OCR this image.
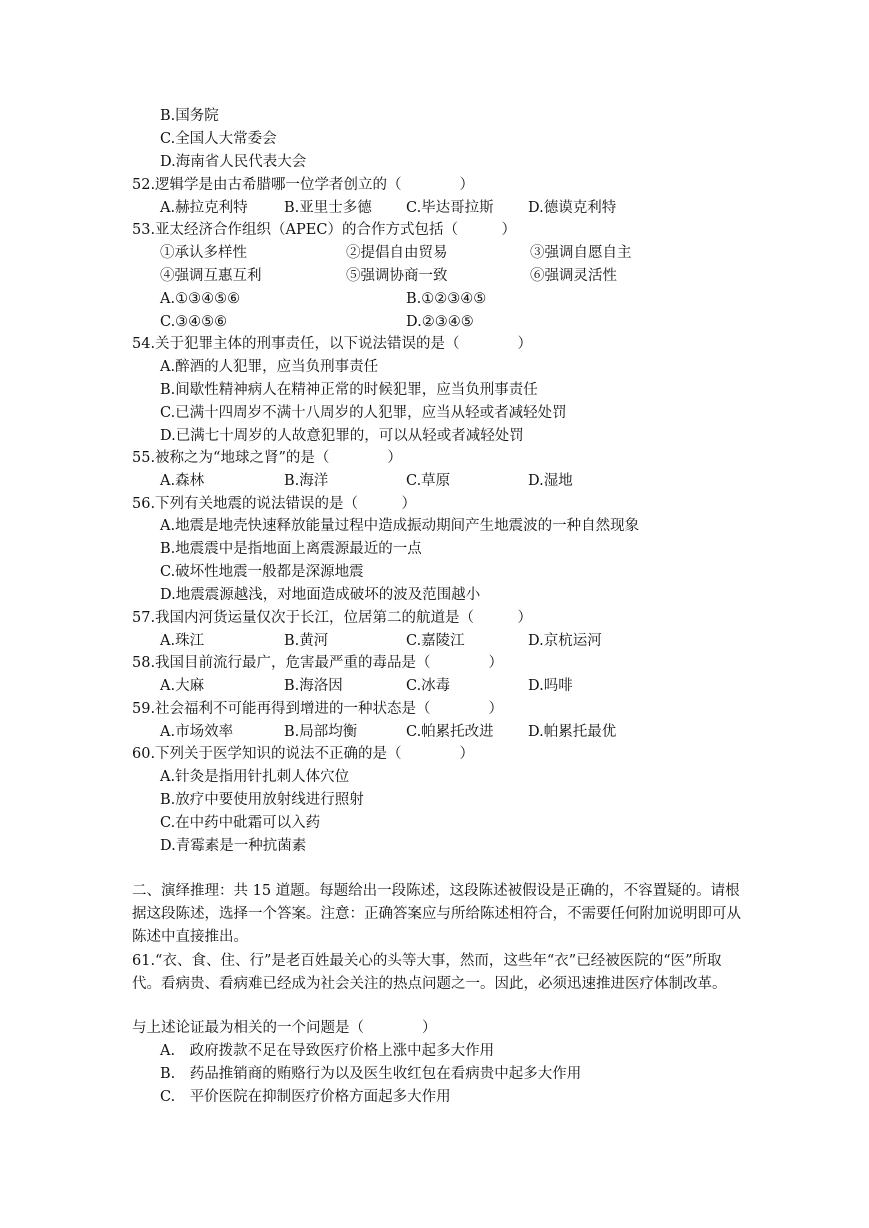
B.国务院
C.全国人大常委会
D.海南省人民代表大会
52.逻辑学是由古希腊哪一位学者创立的（　　　　）
A.赫拉克利特	B.亚里士多德 C.毕达哥拉斯 D.德谟克利特
53.亚太经济合作组织（APEC）的合作方式包括（　　　）
①承认多样性	②提倡自由贸易	③强调自愿自主
④强调互惠互利	⑤强调协商一致	⑥强调灵活性
A.①③④⑤⑥	B.①②③④⑤
C.③④⑤⑥	D.②③④⑤
54.关于犯罪主体的刑事责任，以下说法错误的是（　　　　）
A.醉酒的人犯罪，应当负刑事责任
B.间歇性精神病人在精神正常的时候犯罪，应当负刑事责任
C.已满十四周岁不满十八周岁的人犯罪，应当从轻或者减轻处罚
D.已满七十周岁的人故意犯罪的，可以从轻或者减轻处罚
55.被称之为“地球之肾”的是（　　　　）
A.森林	B.海洋	C.草原	D.湿地
56.下列有关地震的说法错误的是（　　　）
A.地震是地壳快速释放能量过程中造成振动期间产生地震波的一种自然现象
B.地震震中是指地面上离震源最近的一点
C.破坏性地震一般都是深源地震
D.地震震源越浅，对地面造成破坏的波及范围越小
57.我国内河货运量仅次于长江，位居第二的航道是（　　　）
A.珠江	B.黄河	C.嘉陵江	D.京杭运河
58.我国目前流行最广，危害最严重的毒品是（　　　　）
A.大麻	B.海洛因	C.冰毒	D.吗啡
59.社会福利不可能再得到增进的一种状态是（　　　　）
A.市场效率	B.局部均衡	C.帕累托改进 D.帕累托最优
60.下列关于医学知识的说法不正确的是（　　　　）
A.针灸是指用针扎刺人体穴位
B.放疗中要使用放射线进行照射
C.在中药中砒霜可以入药
D.青霉素是一种抗菌素
二、演绎推理：共 15 道题。每题给出一段陈述，这段陈述被假设是正确的，不容置疑的。请根据这段陈述，选择一个答案。注意：正确答案应与所给陈述相符合，不需要任何附加说明即可从陈述中直接推出。
61.“衣、食、住、行”是老百姓最关心的头等大事，然而，这些年“衣”已经被医院的“医”所取代。看病贵、看病难已经成为社会关注的热点问题之一。因此，必须迅速推进医疗体制改革。
与上述论证最为相关的一个问题是（　　　　）
A.　政府拨款不足在导致医疗价格上涨中起多大作用
B.　药品推销商的贿赂行为以及医生收红包在看病贵中起多大作用
C.　平价医院在抑制医疗价格方面起多大作用
